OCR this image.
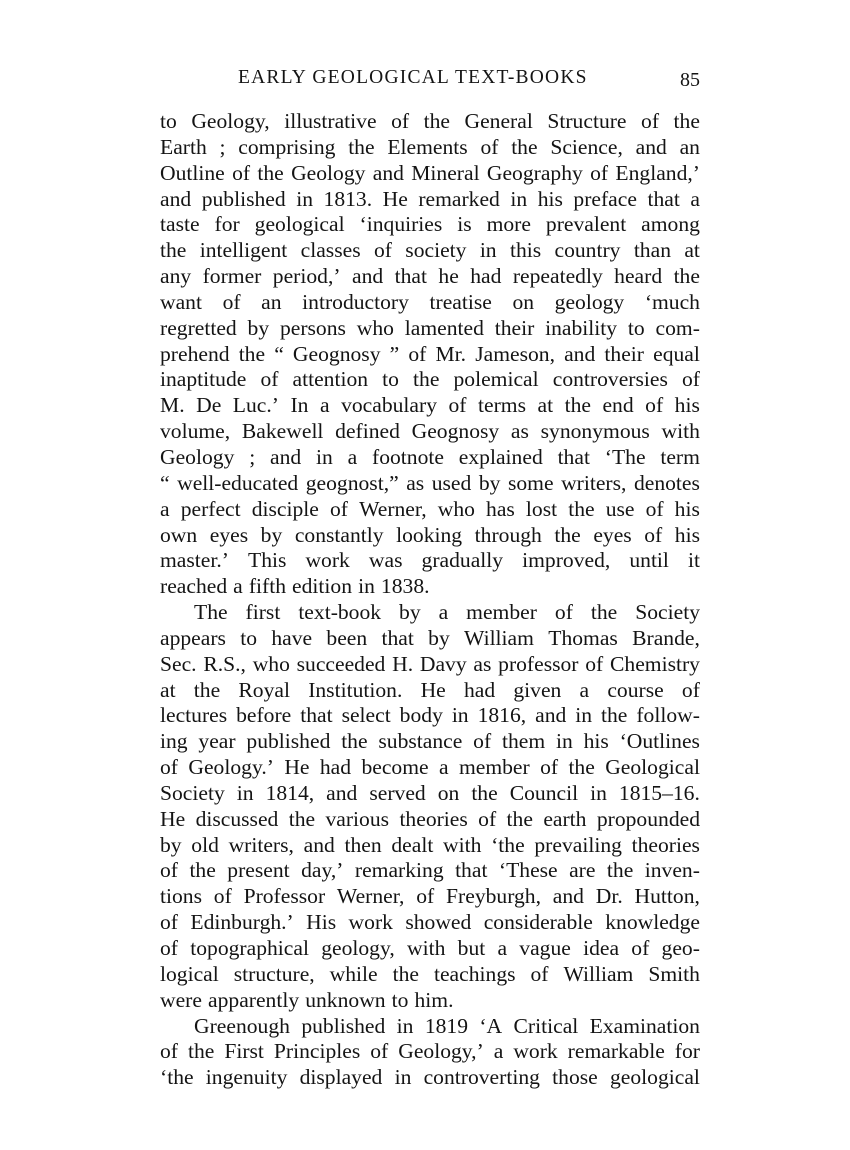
EARLY GEOLOGICAL TEXT-BOOKS	85
to Geology, illustrative of the General Structure of the
Earth ; comprising the Elements of the Science, and an
Outline of the Geology and Mineral Geography of England,’
and published in 1813. He remarked in his preface that a
taste for geological ‘inquiries is more prevalent among
the intelligent classes of society in this country than at
any former period,’ and that he had repeatedly heard the
want of an introductory treatise on geology ‘much
regretted by persons who lamented their inability to com-
prehend the “ Geognosy ” of Mr. Jameson, and their equal
inaptitude of attention to the polemical controversies of
M. De Luc.’ In a vocabulary of terms at the end of his
volume, Bakewell defined Geognosy as synonymous with
Geology ; and in a footnote explained that ‘The term
“ well-educated geognost,” as used by some writers, denotes
a perfect disciple of Werner, who has lost the use of his
own eyes by constantly looking through the eyes of his
master.’ This work was gradually improved, until it
reached a fifth edition in 1838.
The first text-book by a member of the Society
appears to have been that by William Thomas Brande,
Sec. R.S., who succeeded H. Davy as professor of Chemistry
at the Royal Institution. He had given a course of
lectures before that select body in 1816, and in the follow-
ing year published the substance of them in his ‘Outlines
of Geology.’ He had become a member of the Geological
Society in 1814, and served on the Council in 1815–16.
He discussed the various theories of the earth propounded
by old writers, and then dealt with ‘the prevailing theories
of the present day,’ remarking that ‘These are the inven-
tions of Professor Werner, of Freyburgh, and Dr. Hutton,
of Edinburgh.’ His work showed considerable knowledge
of topographical geology, with but a vague idea of geo-
logical structure, while the teachings of William Smith
were apparently unknown to him.
Greenough published in 1819 ‘A Critical Examination
of the First Principles of Geology,’ a work remarkable for
‘the ingenuity displayed in controverting those geological
